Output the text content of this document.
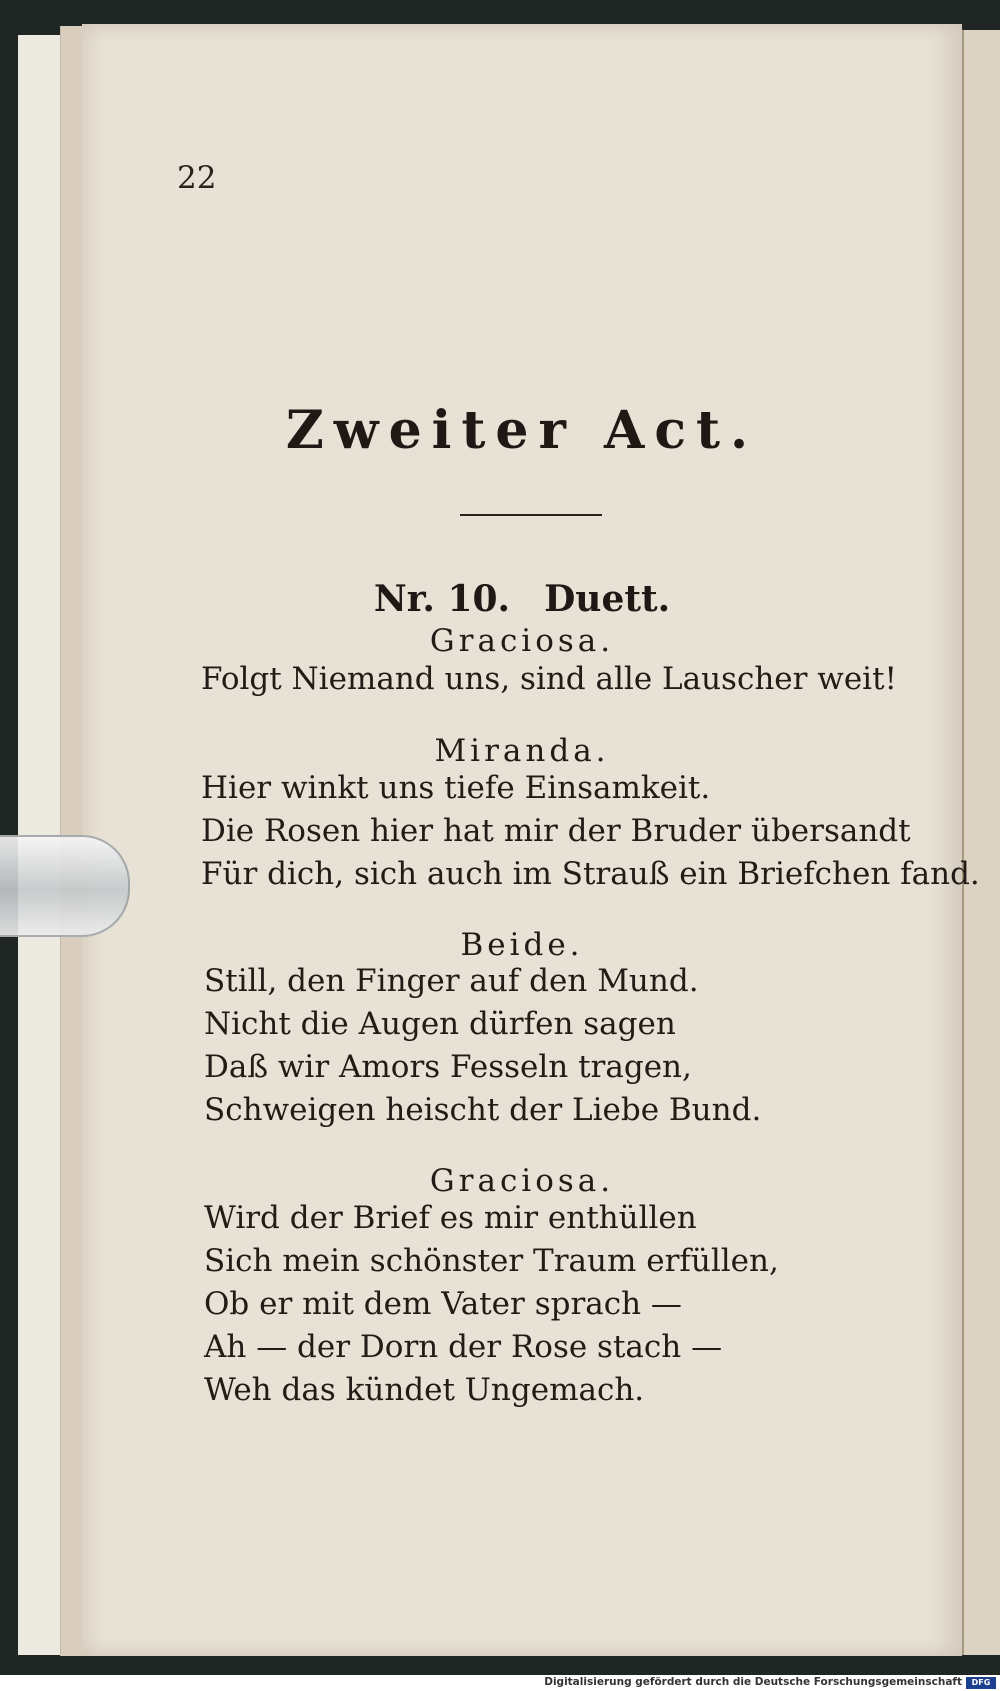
22
Zweiter Act.
Nr. 10. Duett.
Graciosa.
Folgt Niemand uns, sind alle Lauscher weit!
Miranda.
Hier winkt uns tiefe Einsamkeit.
Die Rosen hier hat mir der Bruder übersandt
Für dich, sich auch im Strauß ein Briefchen fand.
Beide.
Still, den Finger auf den Mund.
Nicht die Augen dürfen sagen
Daß wir Amors Fesseln tragen,
Schweigen heischt der Liebe Bund.
Graciosa.
Wird der Brief es mir enthüllen
Sich mein schönster Traum erfüllen,
Ob er mit dem Vater sprach —
Ah — der Dorn der Rose stach —
Weh das kündet Ungemach.
Digitalisierung gefördert durch die Deutsche Forschungsgemeinschaft	DFG
